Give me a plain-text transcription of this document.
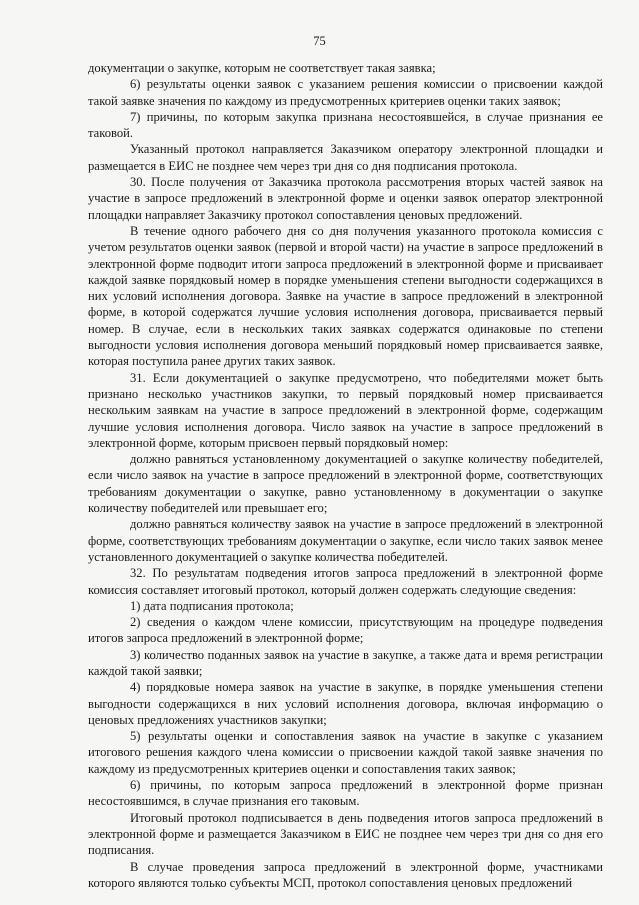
75

документации о закупке, которым не соответствует такая заявка;

6) результаты оценки заявок с указанием решения комиссии о присвоении каждой такой заявке значения по каждому из предусмотренных критериев оценки таких заявок;

7) причины, по которым закупка признана несостоявшейся, в случае признания ее таковой.

Указанный протокол направляется Заказчиком оператору электронной площадки и размещается в ЕИС не позднее чем через три дня со дня подписания протокола.

30. После получения от Заказчика протокола рассмотрения вторых частей заявок на участие в запросе предложений в электронной форме и оценки заявок оператор электронной площадки направляет Заказчику протокол сопоставления ценовых предложений.

В течение одного рабочего дня со дня получения указанного протокола комиссия с учетом результатов оценки заявок (первой и второй части) на участие в запросе предложений в электронной форме подводит итоги запроса предложений в электронной форме и присваивает каждой заявке порядковый номер в порядке уменьшения степени выгодности содержащихся в них условий исполнения договора. Заявке на участие в запросе предложений в электронной форме, в которой содержатся лучшие условия исполнения договора, присваивается первый номер. В случае, если в нескольких таких заявках содержатся одинаковые по степени выгодности условия исполнения договора меньший порядковый номер присваивается заявке, которая поступила ранее других таких заявок.

31. Если документацией о закупке предусмотрено, что победителями может быть признано несколько участников закупки, то первый порядковый номер присваивается нескольким заявкам на участие в запросе предложений в электронной форме, содержащим лучшие условия исполнения договора. Число заявок на участие в запросе предложений в электронной форме, которым присвоен первый порядковый номер:

должно равняться установленному документацией о закупке количеству победителей, если число заявок на участие в запросе предложений в электронной форме, соответствующих требованиям документации о закупке, равно установленному в документации о закупке количеству победителей или превышает его;

должно равняться количеству заявок на участие в запросе предложений в электронной форме, соответствующих требованиям документации о закупке, если число таких заявок менее установленного документацией о закупке количества победителей.

32. По результатам подведения итогов запроса предложений в электронной форме комиссия составляет итоговый протокол, который должен содержать следующие сведения:

1) дата подписания протокола;

2) сведения о каждом члене комиссии, присутствующим на процедуре подведения итогов запроса предложений в электронной форме;

3) количество поданных заявок на участие в закупке, а также дата и время регистрации каждой такой заявки;

4) порядковые номера заявок на участие в закупке, в порядке уменьшения степени выгодности содержащихся в них условий исполнения договора, включая информацию о ценовых предложениях участников закупки;

5) результаты оценки и сопоставления заявок на участие в закупке с указанием итогового решения каждого члена комиссии о присвоении каждой такой заявке значения по каждому из предусмотренных критериев оценки и сопоставления таких заявок;

6) причины, по которым запроса предложений в электронной форме признан несостоявшимся, в случае признания его таковым.

Итоговый протокол подписывается в день подведения итогов запроса предложений в электронной форме и размещается Заказчиком в ЕИС не позднее чем через три дня со дня его подписания.

В случае проведения запроса предложений в электронной форме, участниками которого являются только субъекты МСП, протокол сопоставления ценовых предложений
